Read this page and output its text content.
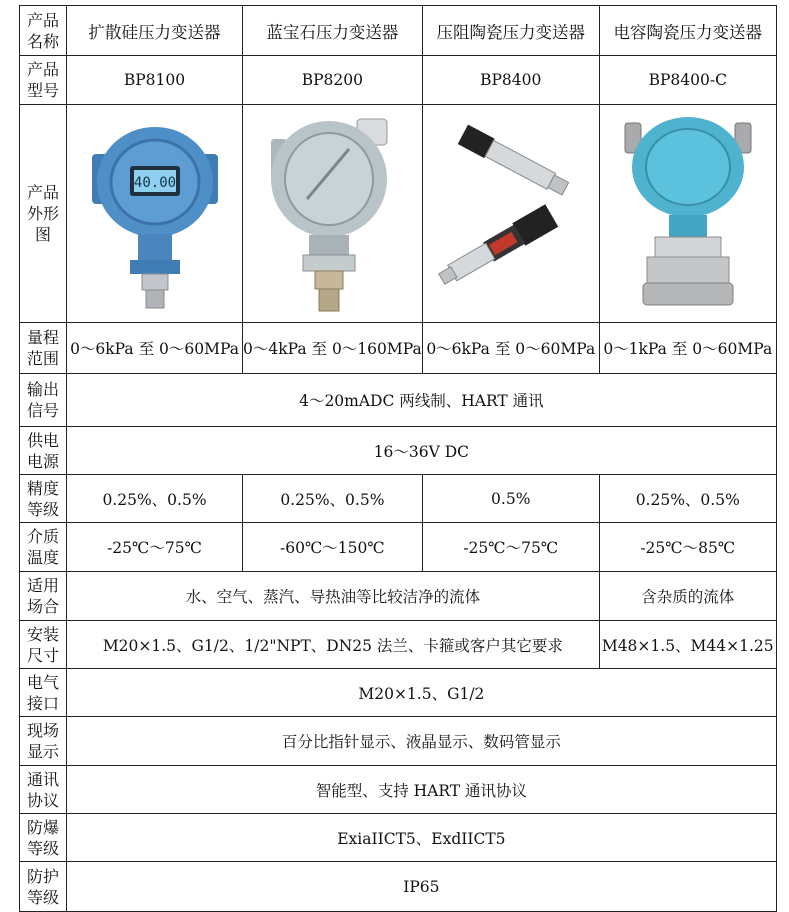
产品名称	扩散硅压力变送器	蓝宝石压力变送器	压阻陶瓷压力变送器	电容陶瓷压力变送器
产品型号	BP8100	BP8200	BP8400	BP8400-C
产品外形图	40.00

量程范围	0～6kPa 至 0～60MPa	0～4kPa 至 0～160MPa	0～6kPa 至 0～60MPa	0～1kPa 至 0～60MPa
输出信号	4～20mADC 两线制、HART 通讯			
供电电源	16～36V DC			
精度等级	0.25%、0.5%	0.25%、0.5%	0.5%	0.25%、0.5%
介质温度	-25℃～75℃	-60℃～150℃	-25℃～75℃	-25℃～85℃
适用场合	水、空气、蒸汽、导热油等比较洁净的流体			含杂质的流体
安装尺寸	M20×1.5、G1/2、1/2"NPT、DN25 法兰、卡箍或客户其它要求			M48×1.5、M44×1.25
电气接口	M20×1.5、G1/2			
现场显示	百分比指针显示、液晶显示、数码管显示			
通讯协议	智能型、支持 HART 通讯协议			
防爆等级	ExiaIICT5、ExdIICT5			
防护等级	IP65			
